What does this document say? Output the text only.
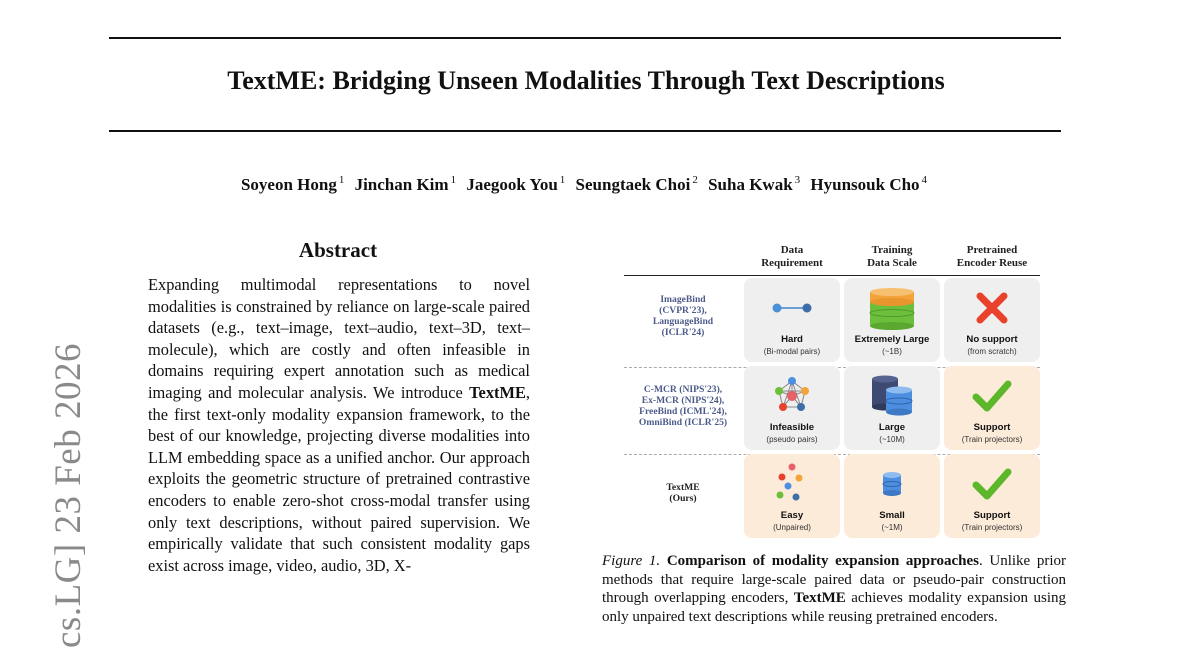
TextME: Bridging Unseen Modalities Through Text Descriptions
Soyeon Hong $^1$ Jinchan Kim $^1$ Jaegook You $^1$ Seungtaek Choi $^2$ Suha Kwak $^3$ Hyunsouk Cho $^4$
cs.LG] 23 Feb 2026
Abstract

Expanding multimodal representations to novel modalities is constrained by reliance on large-scale paired datasets (e.g., text–image, text–audio, text–3D, text–molecule), which are costly and often infeasible in domains requiring expert annotation such as medical imaging and molecular analysis. We introduce TextME, the first text-only modality expansion framework, to the best of our knowledge, projecting diverse modalities into LLM embedding space as a unified anchor. Our approach exploits the geometric structure of pretrained contrastive encoders to enable zero-shot cross-modal transfer using only text descriptions, without paired supervision. We empirically validate that such consistent modality gaps exist across image, video, audio, 3D, X-

Data
Requirement
Training
Data Scale
Pretrained
Encoder Reuse
ImageBind
(CVPR'23),
LanguageBind
(ICLR'24)
Hard
(Bi-modal pairs)
Extremely Large
(~1B)
No support
(from scratch)
C-MCR (NIPS'23),
Ex-MCR (NIPS'24),
FreeBind (ICML'24),
OmniBind (ICLR'25)	Infeasible
(pseudo pairs)
Large
(~10M)
Support
(Train projectors)
TextME
(Ours)
Easy
(Unpaired)
Small
(~1M)
Support
(Train projectors)

Figure 1. Comparison of modality expansion approaches. Unlike prior methods that require large-scale paired data or pseudo-pair construction through overlapping encoders, TextME achieves modality expansion using only unpaired text descriptions while reusing pretrained encoders.
